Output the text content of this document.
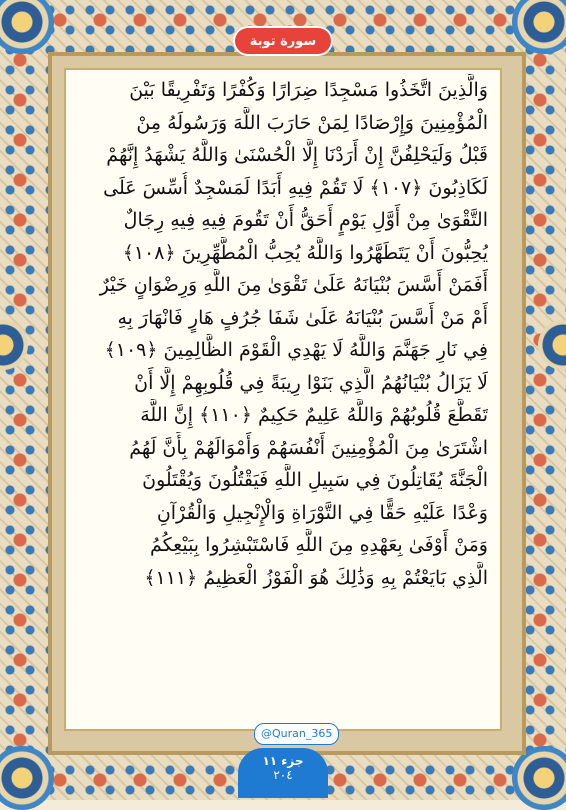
سورة توبة
وَالَّذِينَ اتَّخَذُوا مَسْجِدًا ضِرَارًا وَكُفْرًا وَتَفْرِيقًا بَيْنَ
الْمُؤْمِنِينَ وَإِرْصَادًا لِمَنْ حَارَبَ اللَّهَ وَرَسُولَهُ مِنْ
قَبْلُ وَلَيَحْلِفُنَّ إِنْ أَرَدْنَا إِلَّا الْحُسْنَىٰ وَاللَّهُ يَشْهَدُ إِنَّهُمْ
لَكَاذِبُونَ ﴿١٠٧﴾ لَا تَقُمْ فِيهِ أَبَدًا لَمَسْجِدٌ أُسِّسَ عَلَى
التَّقْوَىٰ مِنْ أَوَّلِ يَوْمٍ أَحَقُّ أَنْ تَقُومَ فِيهِ فِيهِ رِجَالٌ
يُحِبُّونَ أَنْ يَتَطَهَّرُوا وَاللَّهُ يُحِبُّ الْمُطَّهِّرِينَ ﴿١٠٨﴾
أَفَمَنْ أَسَّسَ بُنْيَانَهُ عَلَىٰ تَقْوَىٰ مِنَ اللَّهِ وَرِضْوَانٍ خَيْرٌ
أَمْ مَنْ أَسَّسَ بُنْيَانَهُ عَلَىٰ شَفَا جُرُفٍ هَارٍ فَانْهَارَ بِهِ
فِي نَارِ جَهَنَّمَ وَاللَّهُ لَا يَهْدِي الْقَوْمَ الظَّالِمِينَ ﴿١٠٩﴾
لَا يَزَالُ بُنْيَانُهُمُ الَّذِي بَنَوْا رِيبَةً فِي قُلُوبِهِمْ إِلَّا أَنْ
تَقَطَّعَ قُلُوبُهُمْ وَاللَّهُ عَلِيمٌ حَكِيمٌ ﴿١١٠﴾ إِنَّ اللَّهَ
اشْتَرَىٰ مِنَ الْمُؤْمِنِينَ أَنْفُسَهُمْ وَأَمْوَالَهُمْ بِأَنَّ لَهُمُ
الْجَنَّةَ يُقَاتِلُونَ فِي سَبِيلِ اللَّهِ فَيَقْتُلُونَ وَيُقْتَلُونَ
وَعْدًا عَلَيْهِ حَقًّا فِي التَّوْرَاةِ وَالْإِنْجِيلِ وَالْقُرْآنِ
وَمَنْ أَوْفَىٰ بِعَهْدِهِ مِنَ اللَّهِ فَاسْتَبْشِرُوا بِبَيْعِكُمُ
الَّذِي بَايَعْتُمْ بِهِ وَذَٰلِكَ هُوَ الْفَوْزُ الْعَظِيمُ ﴿١١١﴾
@Quran_365
جزء ١١
٢٠٤
